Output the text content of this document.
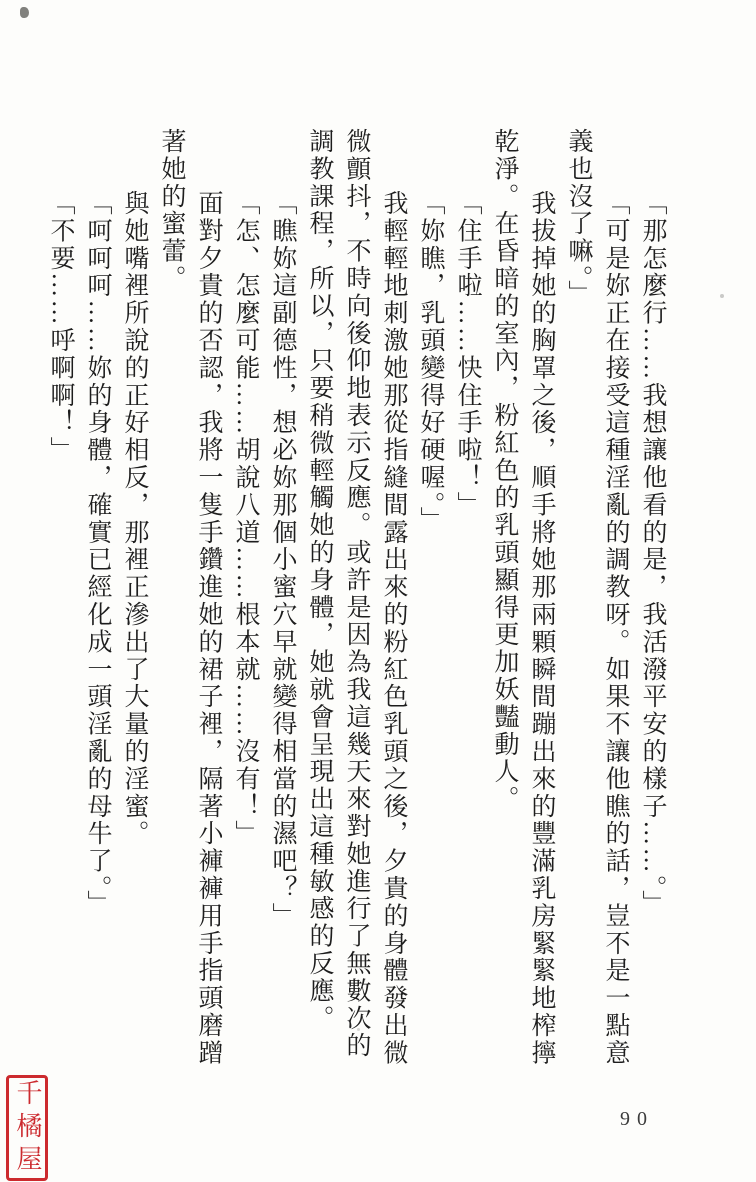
「那怎麼行……我想讓他看的是，我活潑平安的樣子……。」
「可是妳正在接受這種淫亂的調教呀。如果不讓他瞧的話，豈不是一點意
義也沒了嘛。」
我拔掉她的胸罩之後，順手將她那兩顆瞬間蹦出來的豐滿乳房緊緊地榨擰
乾淨。在昏暗的室內，粉紅色的乳頭顯得更加妖豔動人。
「住手啦……快住手啦！」
「妳瞧，乳頭變得好硬喔。」
我輕輕地刺激她那從指縫間露出來的粉紅色乳頭之後，夕貴的身體發出微
微顫抖，不時向後仰地表示反應。或許是因為我這幾天來對她進行了無數次的
調教課程，所以，只要稍微輕觸她的身體，她就會呈現出這種敏感的反應。
「瞧妳這副德性，想必妳那個小蜜穴早就變得相當的濕吧？」
「怎、怎麼可能……胡說八道……根本就……沒有！」
面對夕貴的否認，我將一隻手鑽進她的裙子裡，隔著小褲褲用手指頭磨蹭
著她的蜜蕾。
與她嘴裡所說的正好相反，那裡正滲出了大量的淫蜜。
「呵呵呵……妳的身體，確實已經化成一頭淫亂的母牛了。」
「不要……呼啊啊！」
千橘屋	90
